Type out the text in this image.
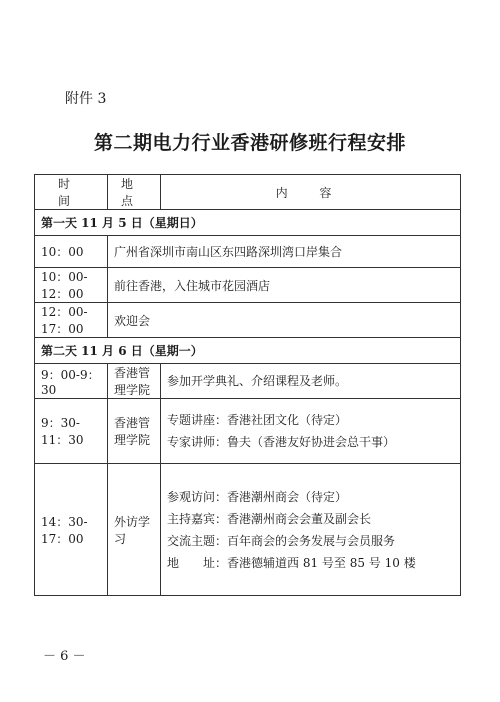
附件 3
第二期电力行业香港研修班行程安排
时 间	地 点	内 容
第一天 11 月 5 日（星期日）		
10：00	广州省深圳市南山区东四路深圳湾口岸集合	
10：00-12：00	前往香港，入住城市花园酒店	
12：00-17：00	欢迎会	
第二天 11 月 6 日（星期一）		
9：00-9：30	香港管理学院	参加开学典礼、介绍课程及老师。

9：30-11：30	香港管理学院	专题讲座：香港社团文化（待定）
专家讲师：鲁夫（香港友好协进会总干事）

14：30-17：00	外访学习	参观访问：香港潮州商会（待定）
主持嘉宾：香港潮州商会会董及副会长
交流主题：百年商会的会务发展与会员服务
地　　址：香港德辅道西 81 号至 85 号 10 楼
－ 6 －
